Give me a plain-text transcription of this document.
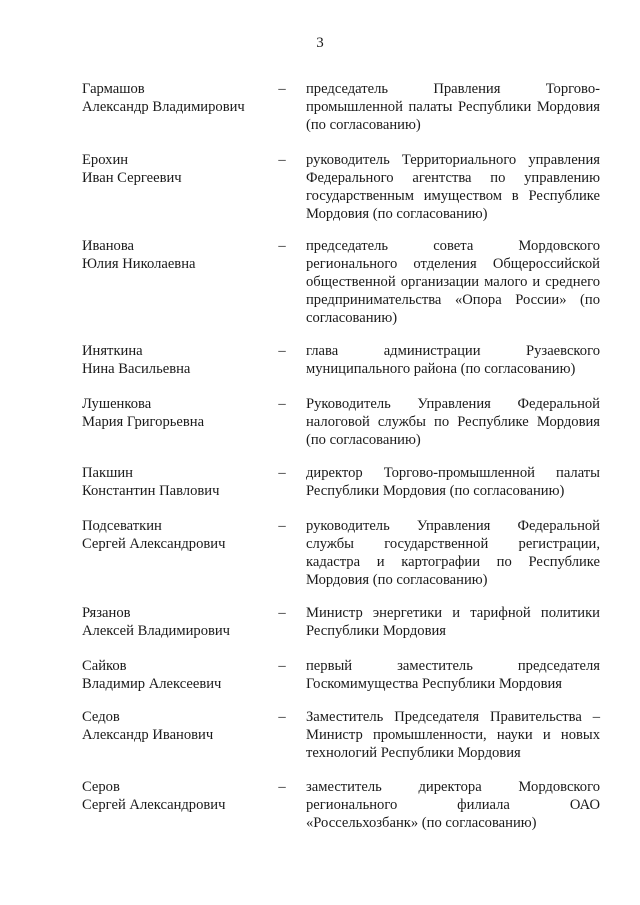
3
Гармашов
Александр Владимирович
– председатель Правления Торгово-промышленной палаты Республики Мордовия (по согласованию)
Ерохин
Иван Сергеевич
– руководитель Территориального управления Федерального агентства по управлению государственным имуществом в Республике Мордовия (по согласованию)
Иванова
Юлия Николаевна
– председатель совета Мордовского регионального отделения Общероссийской общественной организации малого и среднего предпринимательства «Опора России» (по согласованию)
Иняткина
Нина Васильевна
– глава администрации Рузаевского муниципального района (по согласованию)
Лушенкова
Мария Григорьевна
– Руководитель Управления Федеральной налоговой службы по Республике Мордовия (по согласованию)
Пакшин
Константин Павлович
– директор Торгово-промышленной палаты Республики Мордовия (по согласованию)
Подсеваткин
Сергей Александрович
– руководитель Управления Федеральной службы государственной регистрации, кадастра и картографии по Республике Мордовия (по согласованию)
Рязанов
Алексей Владимирович
– Министр энергетики и тарифной политики Республики Мордовия
Сайков
Владимир Алексеевич
– первый заместитель председателя Госкомимущества Республики Мордовия
Седов
Александр Иванович
– Заместитель Председателя Правительства – Министр промышленности, науки и новых технологий Республики Мордовия
Серов
Сергей Александрович
– заместитель директора Мордовского регионального филиала ОАО «Россельхозбанк» (по согласованию)
